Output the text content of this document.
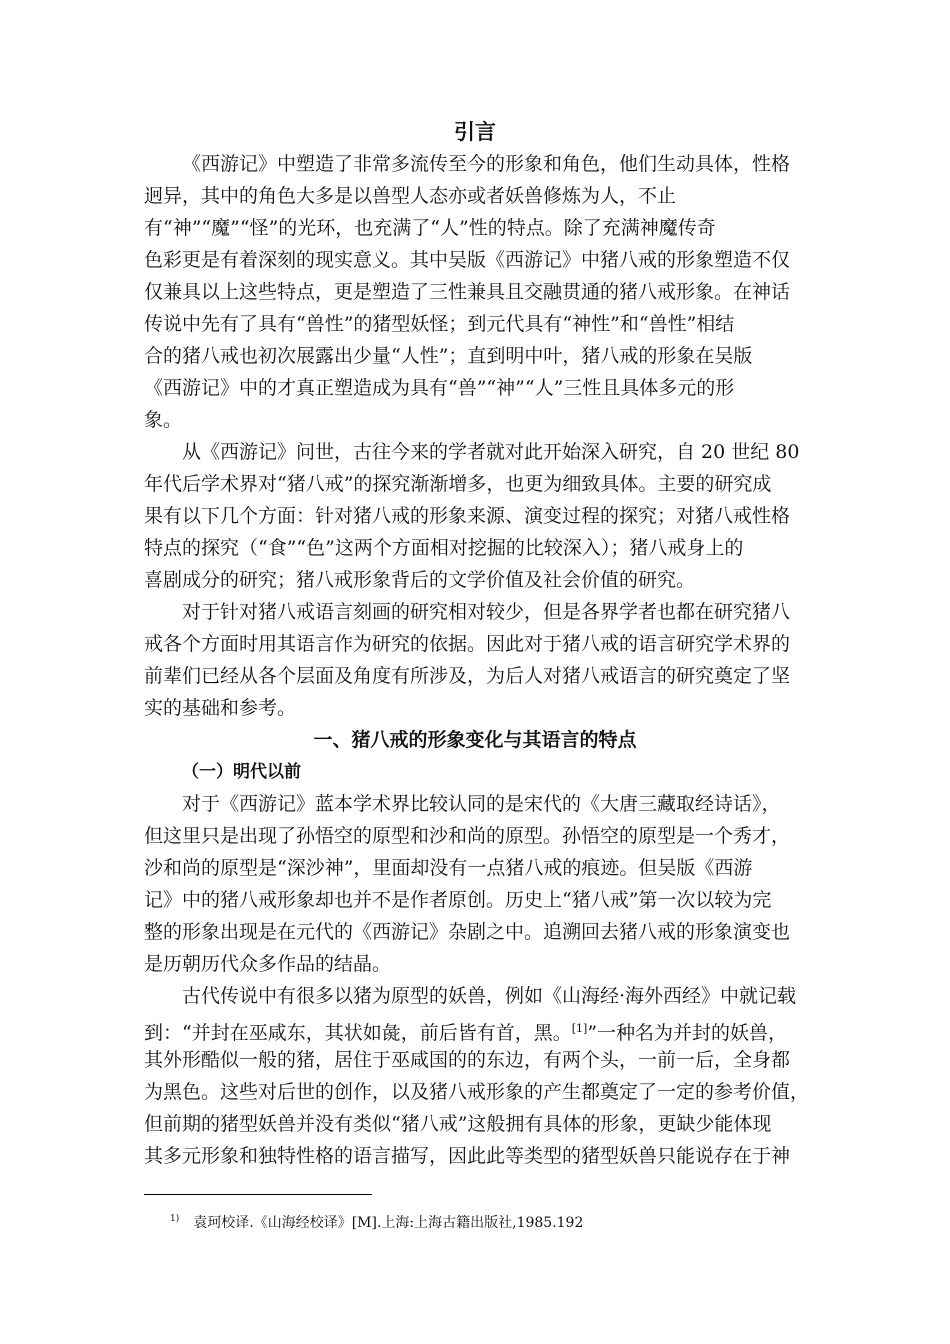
引言
《西游记》中塑造了非常多流传至今的形象和角色，他们生动具体，性格
迥异，其中的角色大多是以兽型人态亦或者妖兽修炼为人，不止
有“神”“魔”“怪”的光环，也充满了“人”性的特点。除了充满神魔传奇
色彩更是有着深刻的现实意义。其中吴版《西游记》中猪八戒的形象塑造不仅
仅兼具以上这些特点，更是塑造了三性兼具且交融贯通的猪八戒形象。在神话
传说中先有了具有“兽性”的猪型妖怪；到元代具有“神性”和“兽性”相结
合的猪八戒也初次展露出少量“人性”；直到明中叶，猪八戒的形象在吴版
《西游记》中的才真正塑造成为具有“兽”“神”“人”三性且具体多元的形
象。
从《西游记》问世，古往今来的学者就对此开始深入研究，自 20 世纪 80
年代后学术界对“猪八戒”的探究渐渐增多，也更为细致具体。主要的研究成
果有以下几个方面：针对猪八戒的形象来源、演变过程的探究；对猪八戒性格
特点的探究（“食”“色”这两个方面相对挖掘的比较深入）；猪八戒身上的
喜剧成分的研究；猪八戒形象背后的文学价值及社会价值的研究。
对于针对猪八戒语言刻画的研究相对较少，但是各界学者也都在研究猪八
戒各个方面时用其语言作为研究的依据。因此对于猪八戒的语言研究学术界的
前辈们已经从各个层面及角度有所涉及，为后人对猪八戒语言的研究奠定了坚
实的基础和参考。
一、猪八戒的形象变化与其语言的特点
（一）明代以前
对于《西游记》蓝本学术界比较认同的是宋代的《大唐三藏取经诗话》，
但这里只是出现了孙悟空的原型和沙和尚的原型。孙悟空的原型是一个秀才，
沙和尚的原型是“深沙神”，里面却没有一点猪八戒的痕迹。但吴版《西游
记》中的猪八戒形象却也并不是作者原创。历史上“猪八戒”第一次以较为完
整的形象出现是在元代的《西游记》杂剧之中。追溯回去猪八戒的形象演变也
是历朝历代众多作品的结晶。
古代传说中有很多以猪为原型的妖兽，例如《山海经·海外西经》中就记载
到：“并封在巫咸东，其状如彘，前后皆有首，黑。[1]”一种名为并封的妖兽，
其外形酷似一般的猪，居住于巫咸国的的东边，有两个头，一前一后，全身都
为黑色。这些对后世的创作，以及猪八戒形象的产生都奠定了一定的参考价值，
但前期的猪型妖兽并没有类似“猪八戒”这般拥有具体的形象，更缺少能体现
其多元形象和独特性格的语言描写，因此此等类型的猪型妖兽只能说存在于神
$^{1)}$ 袁珂校译.《山海经校译》[M].上海:上海古籍出版社,1985.192
